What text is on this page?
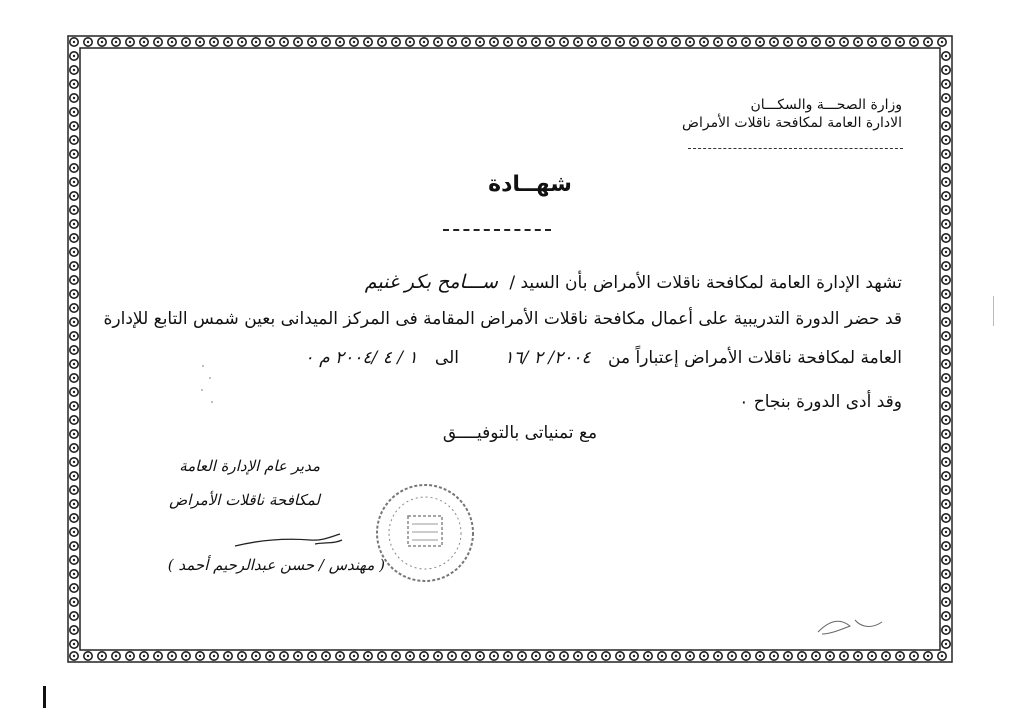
وزارة الصحـــة والسكـــان
الادارة العامة لمكافحة ناقلات الأمراض
شهــادة
تشهد الإدارة العامة لمكافحة ناقلات الأمراض بأن السيد / ســـامح بكر غنيم
قد حضر الدورة التدريبية على أعمال مكافحة ناقلات الأمراض المقامة فى المركز الميدانى بعين شمس التابع للإدارة
العامة لمكافحة ناقلات الأمراض إعتباراً من ٢٠٠٤/ ٢ /١٦ الى ١ / ٤ /٢٠٠٤ م ٠
وقد أدى الدورة بنجاح ٠
مع تمنياتى بالتوفيــــق
مدير عام الإدارة العامة
لمكافحة ناقلات الأمراض
( مهندس / حسن عبدالرحيم أحمد )
